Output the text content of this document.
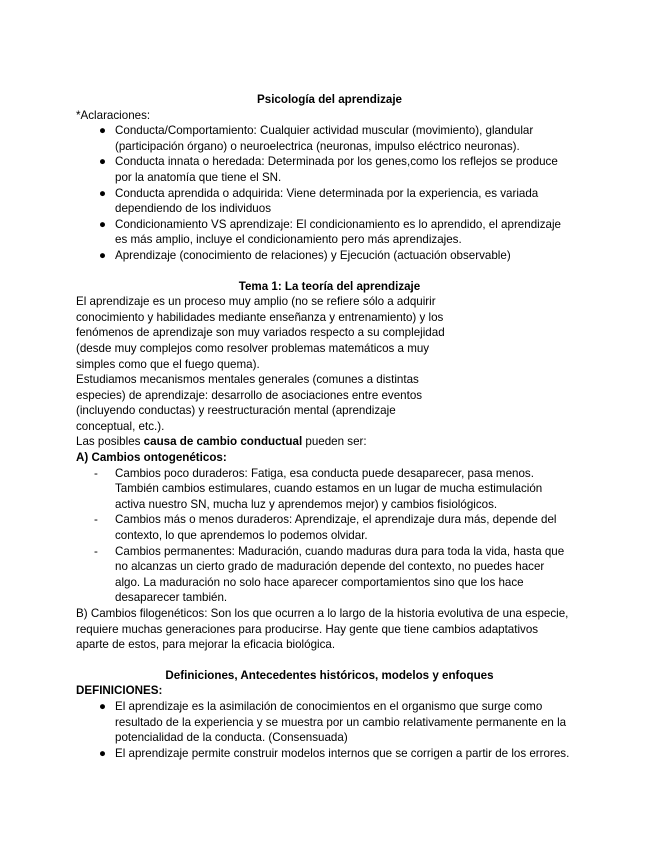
Psicología del aprendizaje

*Aclaraciones:

● Conducta/Comportamiento: Cualquier actividad muscular (movimiento), glandular
(participación órgano) o neuroelectrica (neuronas, impulso eléctrico neuronas).
● Conducta innata o heredada: Determinada por los genes,como los reflejos se produce
por la anatomía que tiene el SN.
● Conducta aprendida o adquirida: Viene determinada por la experiencia, es variada
dependiendo de los individuos
● Condicionamiento VS aprendizaje: El condicionamiento es lo aprendido, el aprendizaje
es más amplio, incluye el condicionamiento pero más aprendizajes.
● Aprendizaje (conocimiento de relaciones) y Ejecución (actuación observable)

Tema 1: La teoría del aprendizaje

El aprendizaje es un proceso muy amplio (no se refiere sólo a adquirir

conocimiento y habilidades mediante enseñanza y entrenamiento) y los

fenómenos de aprendizaje son muy variados respecto a su complejidad

(desde muy complejos como resolver problemas matemáticos a muy

simples como que el fuego quema).

Estudiamos mecanismos mentales generales (comunes a distintas

especies) de aprendizaje: desarrollo de asociaciones entre eventos

(incluyendo conductas) y reestructuración mental (aprendizaje

conceptual, etc.).

Las posibles causa de cambio conductual pueden ser:

A) Cambios ontogenéticos:

- Cambios poco duraderos: Fatiga, esa conducta puede desaparecer, pasa menos.
También cambios estimulares, cuando estamos en un lugar de mucha estimulación
activa nuestro SN, mucha luz y aprendemos mejor) y cambios fisiológicos.
- Cambios más o menos duraderos: Aprendizaje, el aprendizaje dura más, depende del
contexto, lo que aprendemos lo podemos olvidar.
- Cambios permanentes: Maduración, cuando maduras dura para toda la vida, hasta que
no alcanzas un cierto grado de maduración depende del contexto, no puedes hacer
algo. La maduración no solo hace aparecer comportamientos sino que los hace
desaparecer también.

B) Cambios filogenéticos: Son los que ocurren a lo largo de la historia evolutiva de una especie,

requiere muchas generaciones para producirse. Hay gente que tiene cambios adaptativos

aparte de estos, para mejorar la eficacia biológica.

Definiciones, Antecedentes históricos, modelos y enfoques

DEFINICIONES:

● El aprendizaje es la asimilación de conocimientos en el organismo que surge como
resultado de la experiencia y se muestra por un cambio relativamente permanente en la
potencialidad de la conducta. (Consensuada)
● El aprendizaje permite construir modelos internos que se corrigen a partir de los errores.
